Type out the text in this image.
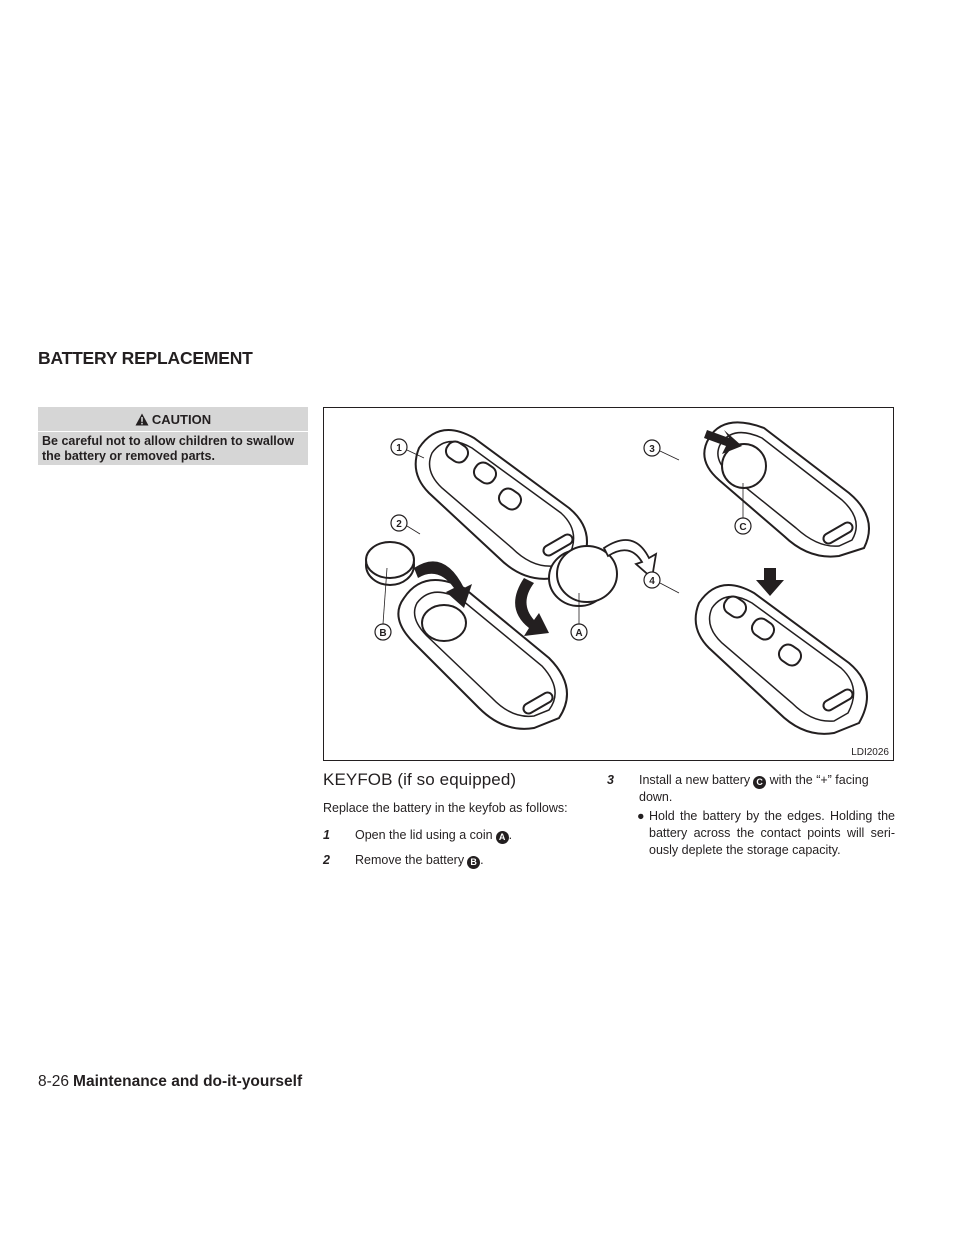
BATTERY REPLACEMENT
CAUTION
Be careful not to allow children to swallow the battery or removed parts.
1
2
3
4
B	A
C
LDI2026
KEYFOB (if so equipped)
Replace the battery in the keyfob as follows:
1	Open the lid using a coin A .
2	Remove the battery B .
3	Install a new battery C with the “+” facing down.
● Hold the battery by the edges. Holding the battery across the contact points will seri- ously deplete the storage capacity.
8-26 Maintenance and do-it-yourself
